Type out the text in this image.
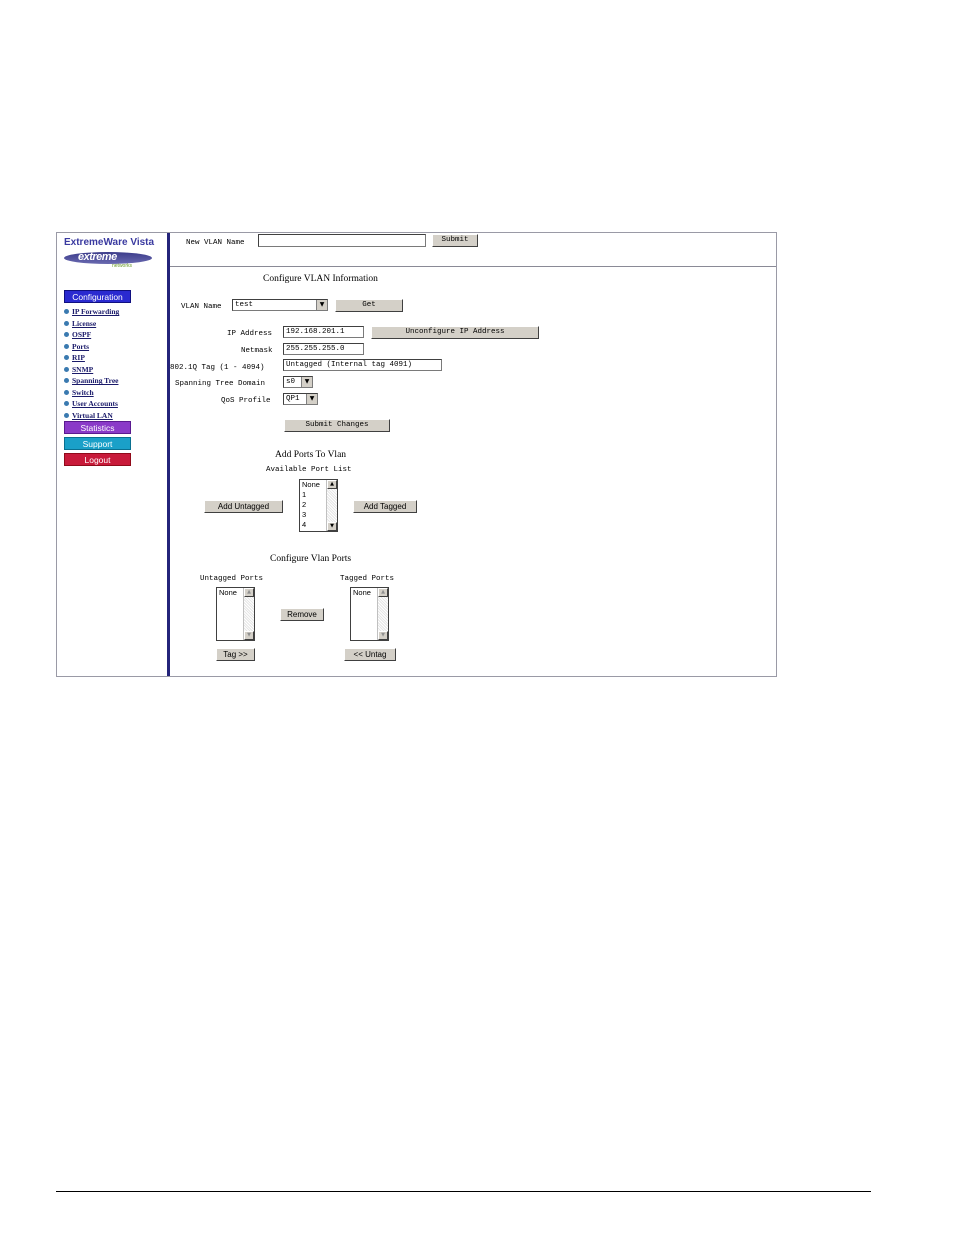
ExtremeWare Vista
extreme
networks
Configuration
IP Forwarding
License
OSPF
Ports
RIP
SNMP
Spanning Tree
Switch
User Accounts
Virtual LAN
Statistics
Support
Logout
New VLAN Name	Submit
Configure VLAN Information
VLAN Name	test	▼	Get
IP Address	192.168.201.1	Unconfigure IP Address
Netmask	255.255.255.0
802.1Q Tag (1 - 4094)	Untagged (Internal tag 4091)
Spanning Tree Domain	s0	▼
QoS Profile	QP1	▼
Submit Changes
Add Ports To Vlan
Available Port List
None
1
2
3
4
▲
▼
Add Untagged	Add Tagged
Configure Vlan Ports
Untagged Ports	Tagged Ports
None	▲
▼
Remove
None	▲
▼
Tag >>	<< Untag
